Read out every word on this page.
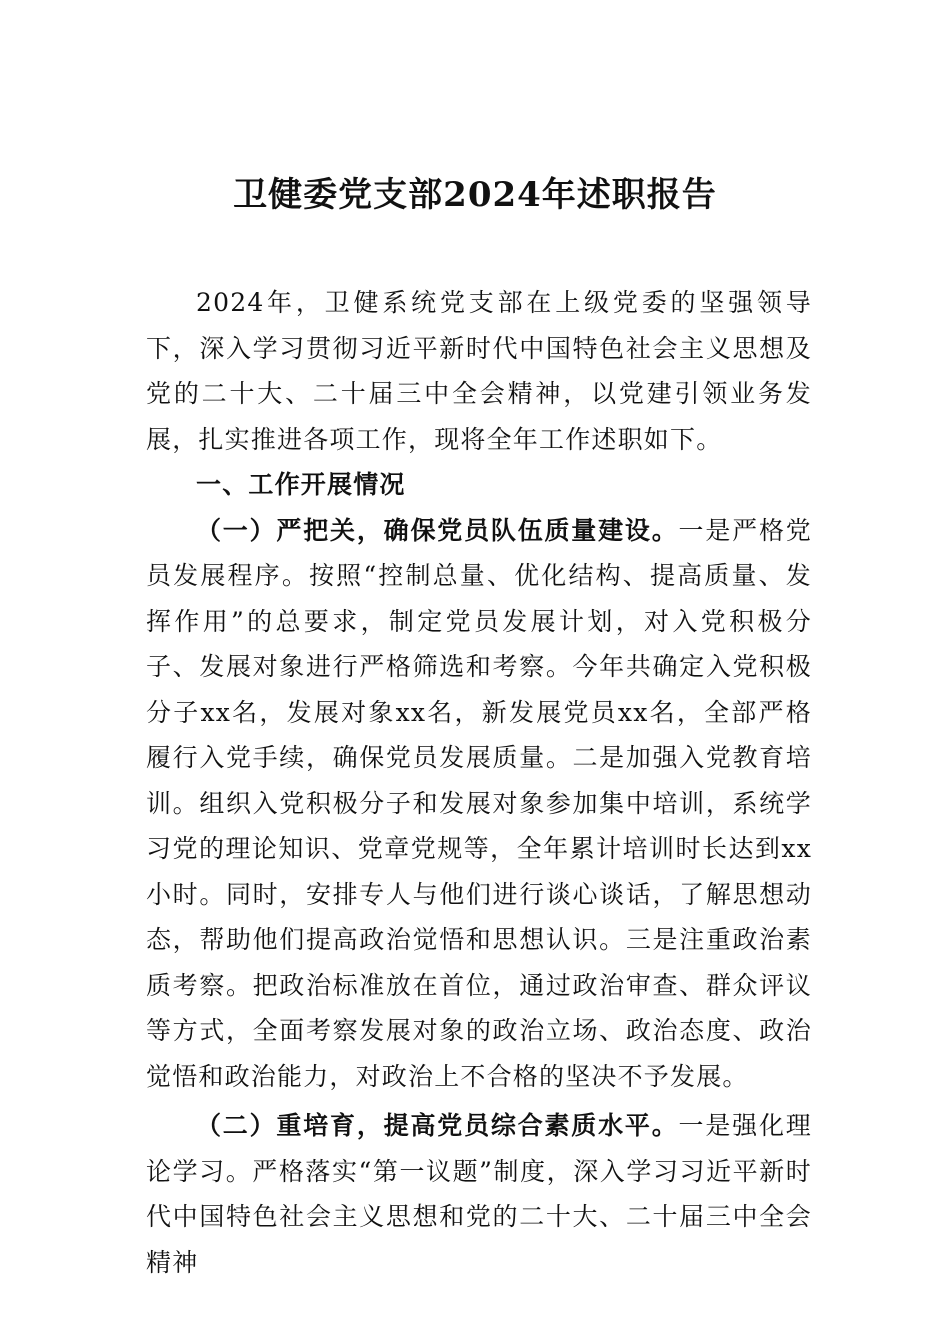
卫健委党支部2024年述职报告

2024年，卫健系统党支部在上级党委的坚强领导下，深入学习贯彻习近平新时代中国特色社会主义思想及党的二十大、二十届三中全会精神，以党建引领业务发展，扎实推进各项工作，现将全年工作述职如下。

一、工作开展情况

（一）严把关，确保党员队伍质量建设。一是严格党员发展程序。按照“控制总量、优化结构、提高质量、发挥作用”的总要求，制定党员发展计划，对入党积极分子、发展对象进行严格筛选和考察。今年共确定入党积极分子xx名，发展对象xx名，新发展党员xx名，全部严格履行入党手续，确保党员发展质量。二是加强入党教育培训。组织入党积极分子和发展对象参加集中培训，系统学习党的理论知识、党章党规等，全年累计培训时长达到xx小时。同时，安排专人与他们进行谈心谈话，了解思想动态，帮助他们提高政治觉悟和思想认识。三是注重政治素质考察。把政治标准放在首位，通过政治审查、群众评议等方式，全面考察发展对象的政治立场、政治态度、政治觉悟和政治能力，对政治上不合格的坚决不予发展。

（二）重培育，提高党员综合素质水平。一是强化理论学习。严格落实“第一议题”制度，深入学习习近平新时代中国特色社会主义思想和党的二十大、二十届三中全会精神
